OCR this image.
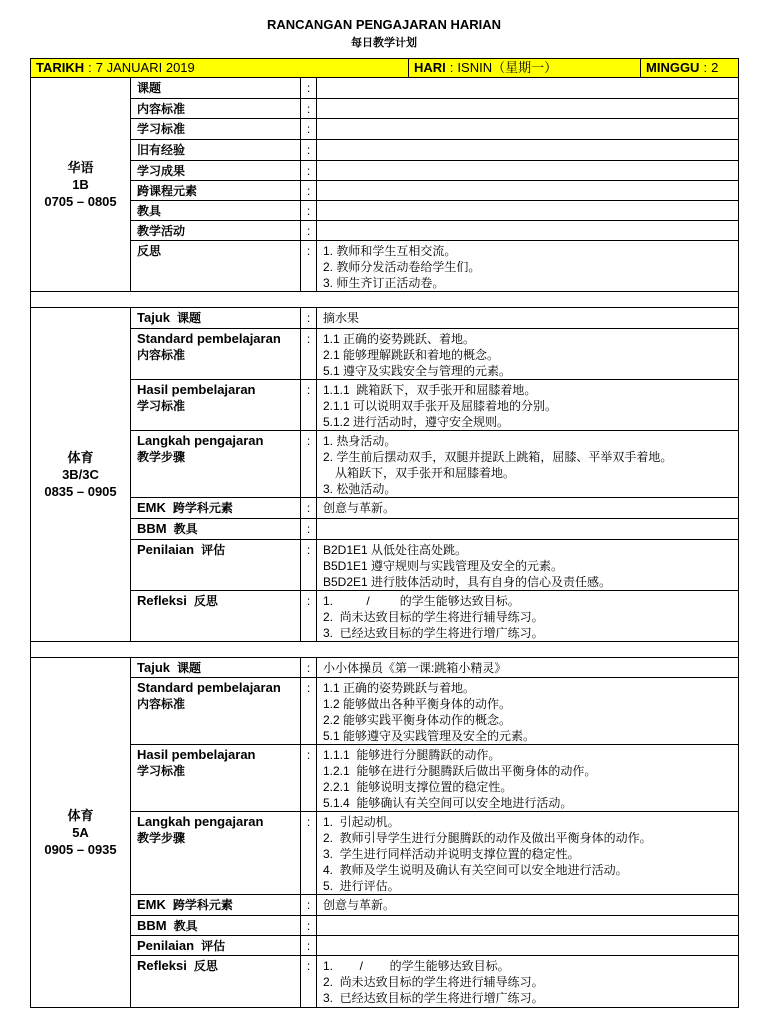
RANCANGAN PENGAJARAN HARIAN
每日教学计划
TARIKH : 7 JANUARI 2019	HARI : ISNIN（星期一）	MINGGU : 2
华语
1B
0705 – 0805	课题	:	
	内容标准	:	
	学习标准	:	
	旧有经验	:	
	学习成果	:	
	跨课程元素	:	
	教具	:	
	教学活动	:	
	反思	:	1. 教师和学生互相交流。
2. 教师分发活动卷给学生们。
3. 师生齐订正活动卷。

体育
3B/3C
0835 – 0905	Tajuk 课题	:	摘水果

	Standard pembelajaran
内容标准	:	1.1 正确的姿势跳跃、着地。
2.1 能够理解跳跃和着地的概念。
5.1 遵守及实践安全与管理的元素。

	Hasil pembelajaran
学习标准	:	1.1.1  跳箱跃下，双手张开和屈膝着地。
2.1.1 可以说明双手张开及屈膝着地的分别。
5.1.2 进行活动时，遵守安全规则。

	Langkah pengajaran
教学步骤	:	1. 热身活动。
2. 学生前后摆动双手，双腿并提跃上跳箱，屈膝、平举双手着地。
从箱跃下，双手张开和屈膝着地。
3. 松弛活动。

	EMK 跨学科元素	:	创意与革新。

	BBM 教具	:	
	Penilaian 评估	:	B2D1E1 从低处往高处跳。
B5D1E1 遵守规则与实践管理及安全的元素。
B5D2E1 进行肢体活动时，具有自身的信心及责任感。

	Refleksi 反思	:	1.          /         的学生能够达致目标。
2.  尚未达致目标的学生将进行辅导练习。
3.  已经达致目标的学生将进行增广练习。

体育
5A
0905 – 0935	Tajuk 课题	:	小小体操员《第一课:跳箱小精灵》

	Standard pembelajaran
内容标准	:	1.1 正确的姿势跳跃与着地。
1.2 能够做出各种平衡身体的动作。
2.2 能够实践平衡身体动作的概念。
5.1 能够遵守及实践管理及安全的元素。

	Hasil pembelajaran
学习标准	:	1.1.1  能够进行分腿腾跃的动作。
1.2.1  能够在进行分腿腾跃后做出平衡身体的动作。
2.2.1  能够说明支撑位置的稳定性。
5.1.4  能够确认有关空间可以安全地进行活动。

	Langkah pengajaran
教学步骤	:	1.  引起动机。
2.  教师引导学生进行分腿腾跃的动作及做出平衡身体的动作。
3.  学生进行同样活动并说明支撑位置的稳定性。
4.  教师及学生说明及确认有关空间可以安全地进行活动。
5.  进行评估。

	EMK 跨学科元素	:	创意与革新。

	BBM 教具	:	
	Penilaian 评估	:	
	Refleksi 反思	:	1.        /        的学生能够达致目标。
2.  尚未达致目标的学生将进行辅导练习。
3.  已经达致目标的学生将进行增广练习。
